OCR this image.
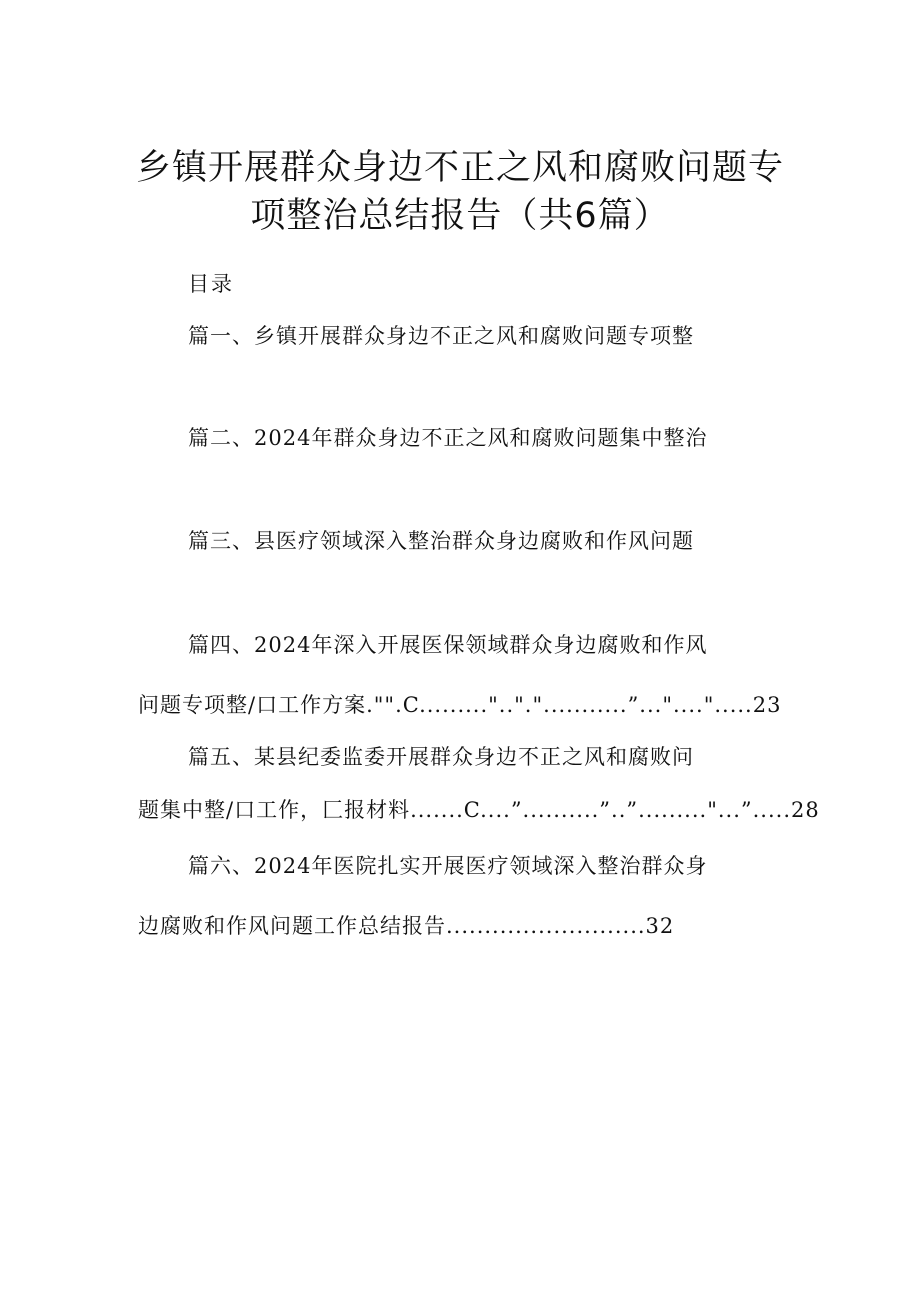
乡镇开展群众身边不正之风和腐败问题专
项整治总结报告（共6篇）
目录
篇一、乡镇开展群众身边不正之风和腐败问题专项整
篇二、2024年群众身边不正之风和腐败问题集中整治
篇三、县医疗领域深入整治群众身边腐败和作风问题
篇四、2024年深入开展医保领域群众身边腐败和作风
问题专项整/口工作方案."".C.........".."."...........”..."....".....23
篇五、某县纪委监委开展群众身边不正之风和腐败问
题集中整/口工作，匚报材料.......C....”..........”..”........."...”.....28
篇六、2024年医院扎实开展医疗领域深入整治群众身
边腐败和作风问题工作总结报告..........................32
